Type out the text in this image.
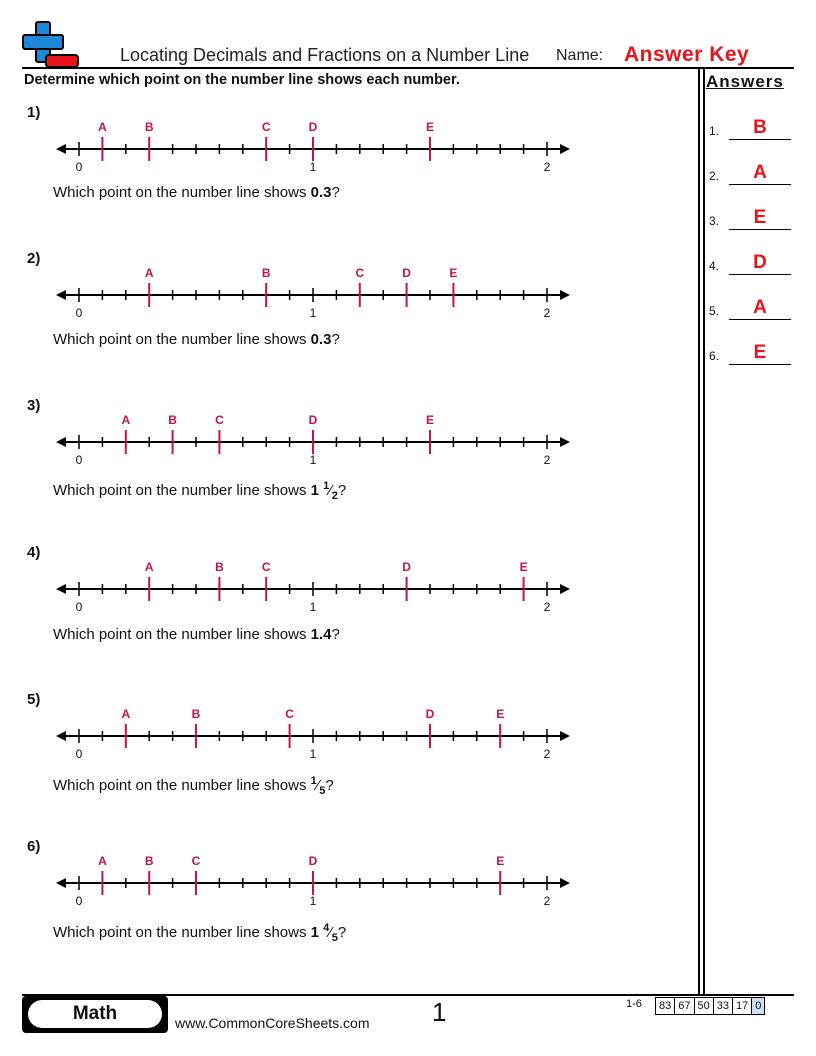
Locating Decimals and Fractions on a Number Line Name: Answer Key
Determine which point on the number line shows each number.	Answers
1)
0	1	2
A	B	C	D	E
Which point on the number line shows 0.3?
2)
0	1	2
A	B	C	D	E
Which point on the number line shows 0.3?
3)
0	1	2
A	B	C	D	E
Which point on the number line shows 1 $^1⁄_2$?
4)
0	1	2
A	B	C	D	E
Which point on the number line shows 1.4?
5)
0	1	2
A	B	C	D	E
Which point on the number line shows $^1⁄_5$?
6)
0	1	2
A	B	C	D	E
Which point on the number line shows 1 $^4⁄_5$?
1.	B
2.	A
3.	E
4.	D
5.	A
6.	E
Math	www.CommonCoreSheets.com 1	1-6	83 67 50 33 17 0
